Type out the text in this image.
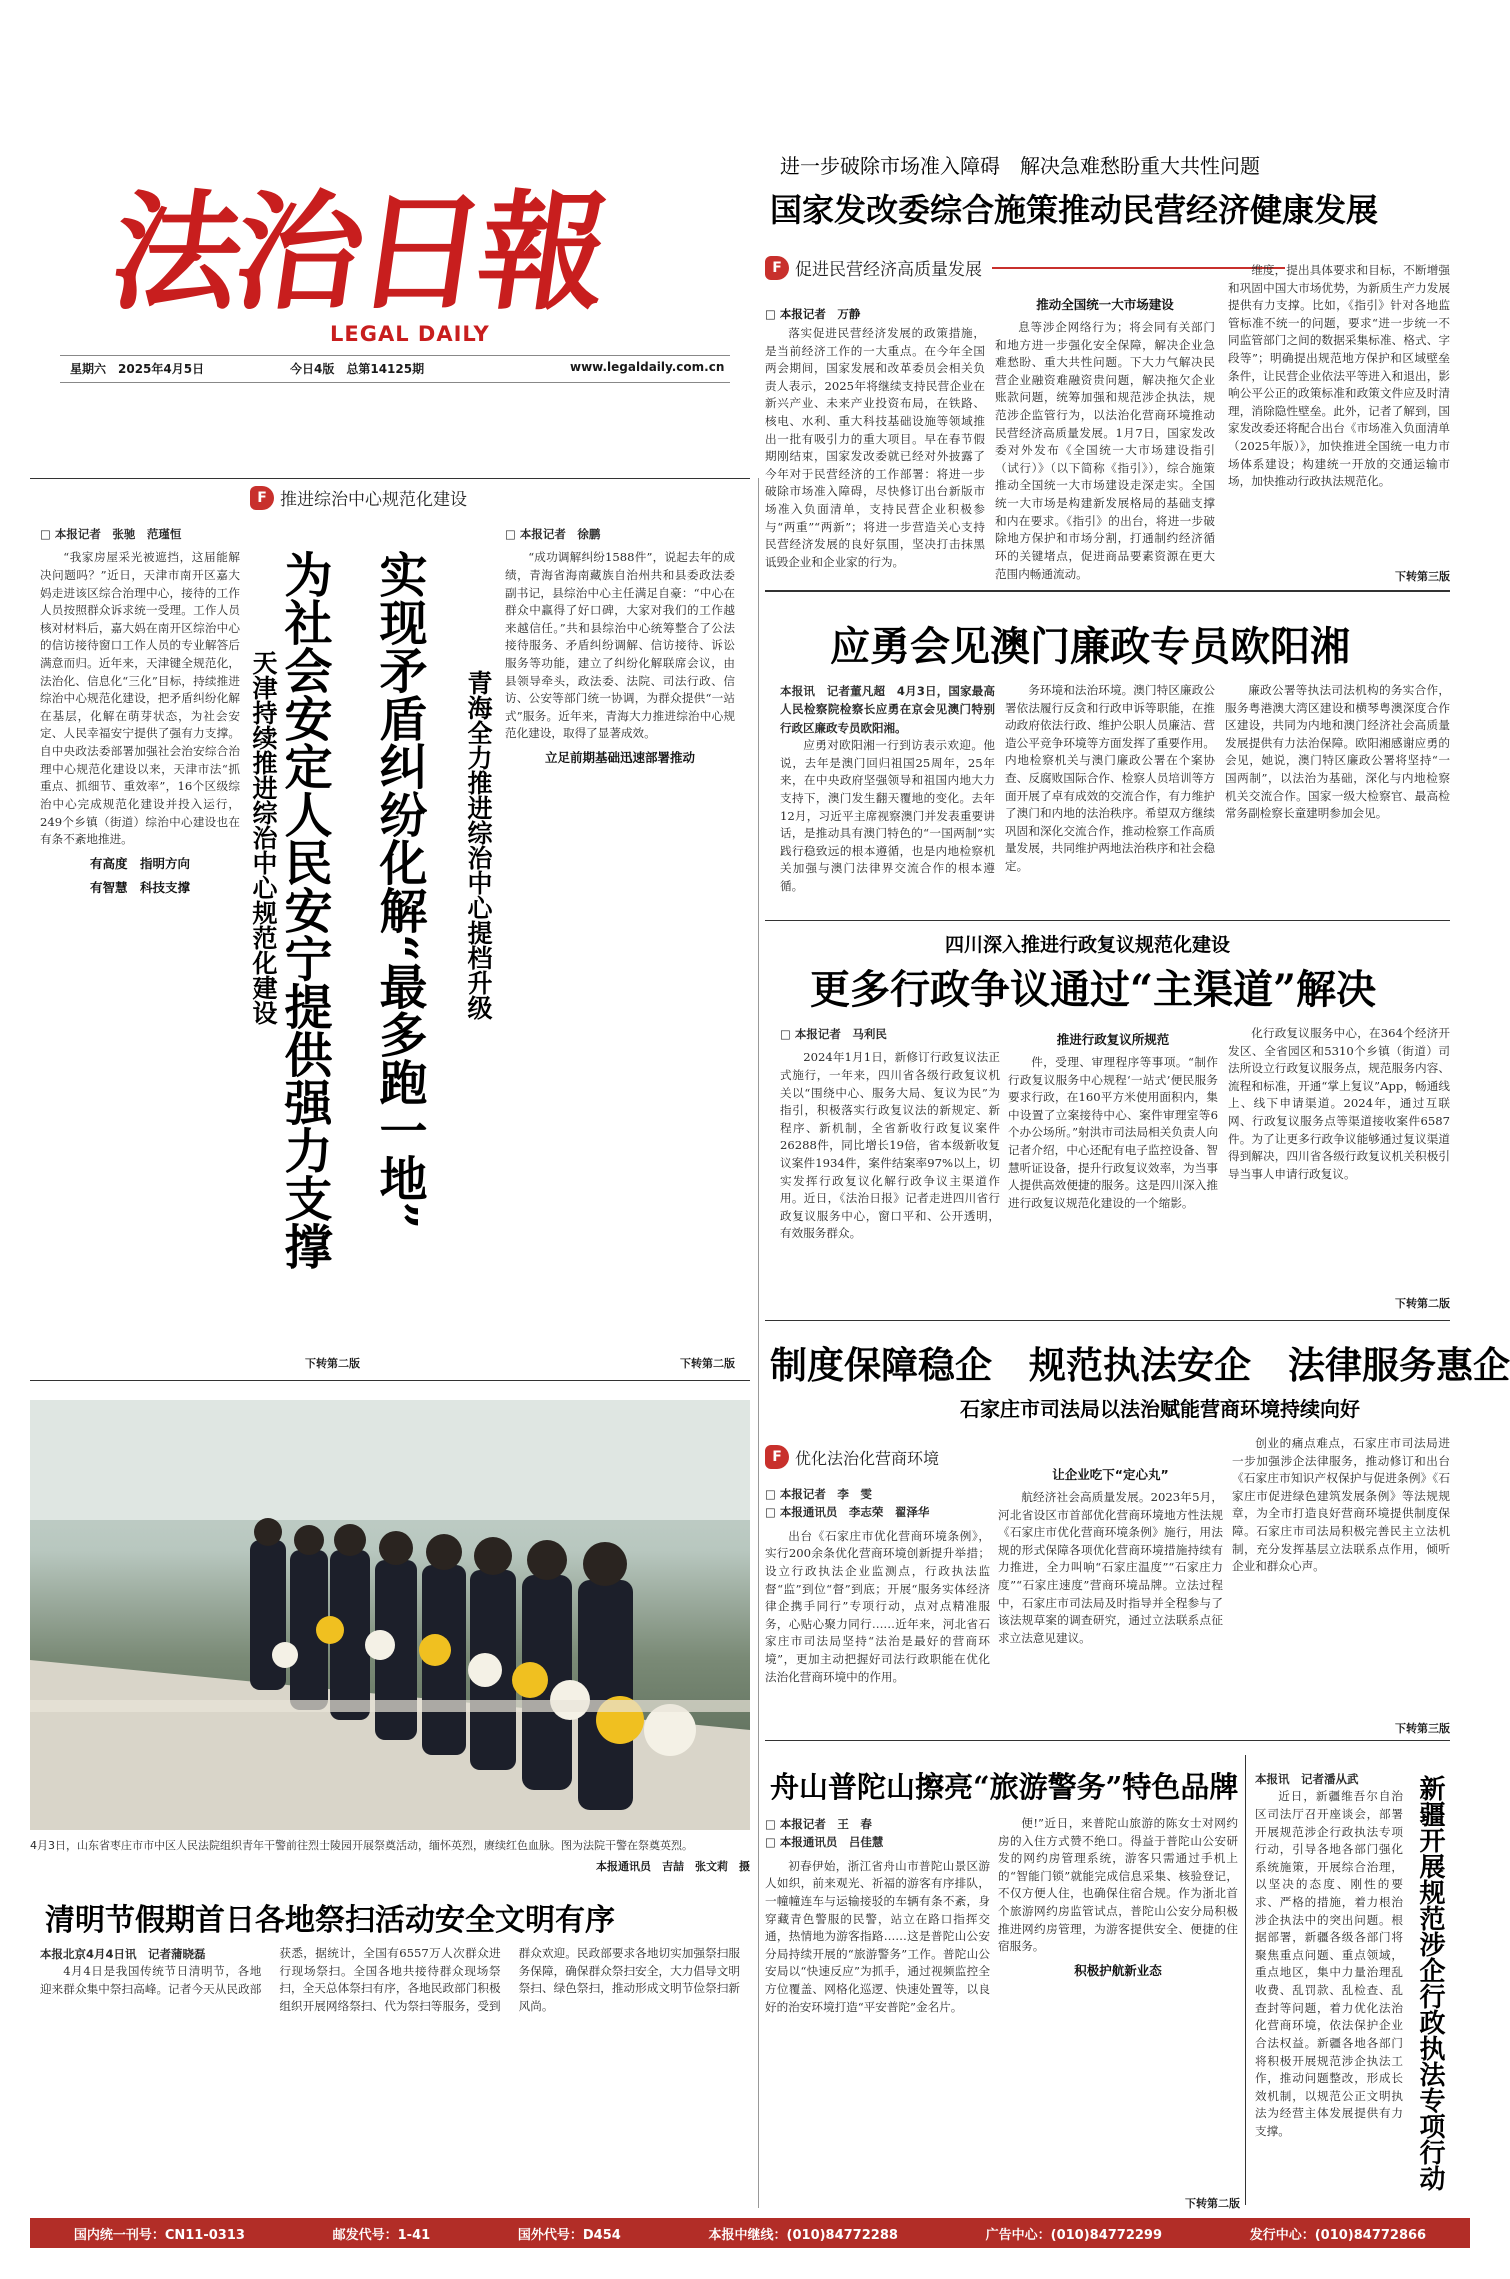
法治日報
LEGAL DAILY
星期六　2025年4月5日	今日4版　总第14125期	www.legaldaily.com.cn
进一步破除市场准入障碍　解决急难愁盼重大共性问题
国家发改委综合施策推动民营经济健康发展
F 促进民营经济高质量发展
□ 本报记者　万静

落实促进民营经济发展的政策措施，是当前经济工作的一大重点。在今年全国两会期间，国家发展和改革委员会相关负责人表示，2025年将继续支持民营企业在新兴产业、未来产业投资布局，在铁路、核电、水利、重大科技基础设施等领域推出一批有吸引力的重大项目。早在春节假期刚结束，国家发改委就已经对外披露了今年对于民营经济的工作部署：将进一步破除市场准入障碍，尽快修订出台新版市场准入负面清单，支持民营企业积极参与“两重”“两新”；将进一步营造关心支持民营经济发展的良好氛围，坚决打击抹黑诋毁企业和企业家的行为。

推动全国统一大市场建设

息等涉企网络行为；将会同有关部门和地方进一步强化安全保障，解决企业急难愁盼、重大共性问题。下大力气解决民营企业融资难融资贵问题，解决拖欠企业账款问题，统筹加强和规范涉企执法，规范涉企监管行为，以法治化营商环境推动民营经济高质量发展。1月7日，国家发改委对外发布《全国统一大市场建设指引（试行）》（以下简称《指引》），综合施策推动全国统一大市场建设走深走实。全国统一大市场是构建新发展格局的基础支撑和内在要求。《指引》的出台，将进一步破除地方保护和市场分割，打通制约经济循环的关键堵点，促进商品要素资源在更大范围内畅通流动。

维度，提出具体要求和目标，不断增强和巩固中国大市场优势，为新质生产力发展提供有力支撑。比如，《指引》针对各地监管标准不统一的问题，要求“进一步统一不同监管部门之间的数据采集标准、格式、字段等”；明确提出规范地方保护和区域壁垒条件，让民营企业依法平等进入和退出，影响公平公正的政策标准和政策文件应及时清理，消除隐性壁垒。此外，记者了解到，国家发改委还将配合出台《市场准入负面清单（2025年版）》，加快推进全国统一电力市场体系建设；构建统一开放的交通运输市场，加快推动行政执法规范化。

下转第三版
应勇会见澳门廉政专员欧阳湘

本报讯　记者董凡超　4月3日，国家最高人民检察院检察长应勇在京会见澳门特别行政区廉政专员欧阳湘。

应勇对欧阳湘一行到访表示欢迎。他说，去年是澳门回归祖国25周年，25年来，在中央政府坚强领导和祖国内地大力支持下，澳门发生翻天覆地的变化。去年12月，习近平主席视察澳门并发表重要讲话，是推动具有澳门特色的“一国两制”实践行稳致远的根本遵循，也是内地检察机关加强与澳门法律界交流合作的根本遵循。

务环境和法治环境。澳门特区廉政公署依法履行反贪和行政申诉等职能，在推动政府依法行政、维护公职人员廉洁、营造公平竞争环境等方面发挥了重要作用。内地检察机关与澳门廉政公署在个案协查、反腐败国际合作、检察人员培训等方面开展了卓有成效的交流合作，有力维护了澳门和内地的法治秩序。希望双方继续巩固和深化交流合作，推动检察工作高质量发展，共同维护两地法治秩序和社会稳定。

廉政公署等执法司法机构的务实合作，服务粤港澳大湾区建设和横琴粤澳深度合作区建设，共同为内地和澳门经济社会高质量发展提供有力法治保障。欧阳湘感谢应勇的会见，她说，澳门特区廉政公署将坚持“一国两制”，以法治为基础，深化与内地检察机关交流合作。国家一级大检察官、最高检常务副检察长童建明参加会见。

四川深入推进行政复议规范化建设
更多行政争议通过“主渠道”解决
□ 本报记者　马利民

2024年1月1日，新修订行政复议法正式施行，一年来，四川省各级行政复议机关以“围绕中心、服务大局、复议为民”为指引，积极落实行政复议法的新规定、新程序、新机制，全省新收行政复议案件26288件，同比增长19倍，省本级新收复议案件1934件，案件结案率97%以上，切实发挥行政复议化解行政争议主渠道作用。近日，《法治日报》记者走进四川省行政复议服务中心，窗口平和、公开透明，有效服务群众。

推进行政复议所规范

件，受理、审理程序等事项。“制作行政复议服务中心规程‘一站式’便民服务要求行政，在160平方米使用面积内，集中设置了立案接待中心、案件审理室等6个办公场所。”射洪市司法局相关负责人向记者介绍，中心还配有电子监控设备、智慧听证设备，提升行政复议效率，为当事人提供高效便捷的服务。这是四川深入推进行政复议规范化建设的一个缩影。

化行政复议服务中心，在364个经济开发区、全省园区和5310个乡镇（街道）司法所设立行政复议服务点，规范服务内容、流程和标准，开通“掌上复议”App，畅通线上、线下申请渠道。2024年，通过互联网、行政复议服务点等渠道接收案件6587件。为了让更多行政争议能够通过复议渠道得到解决，四川省各级行政复议机关积极引导当事人申请行政复议。

下转第二版
制度保障稳企　规范执法安企　法律服务惠企
石家庄市司法局以法治赋能营商环境持续向好
F 优化法治化营商环境
□ 本报记者　李　雯
□ 本报通讯员　李志荣　翟泽华

出台《石家庄市优化营商环境条例》，实行200余条优化营商环境创新提升举措；设立行政执法企业监测点，行政执法监督“监”到位“督”到底；开展“服务实体经济　律企携手同行”专项行动，点对点精准服务，心贴心聚力同行……近年来，河北省石家庄市司法局坚持“法治是最好的营商环境”，更加主动把握好司法行政职能在优化法治化营商环境中的作用。

让企业吃下“定心丸”

航经济社会高质量发展。2023年5月，河北省设区市首部优化营商环境地方性法规《石家庄市优化营商环境条例》施行，用法规的形式保障各项优化营商环境措施持续有力推进，全力叫响“石家庄温度”“石家庄力度”“石家庄速度”营商环境品牌。立法过程中，石家庄市司法局及时指导并全程参与了该法规草案的调查研究，通过立法联系点征求立法意见建议。

创业的痛点难点，石家庄市司法局进一步加强涉企法律服务，推动修订和出台《石家庄市知识产权保护与促进条例》《石家庄市促进绿色建筑发展条例》等法规规章，为全市打造良好营商环境提供制度保障。石家庄市司法局积极完善民主立法机制，充分发挥基层立法联系点作用，倾听企业和群众心声。

下转第三版
舟山普陀山擦亮“旅游警务”特色品牌
□ 本报记者　王　春
□ 本报通讯员　吕佳慧

初春伊始，浙江省舟山市普陀山景区游人如织，前来观光、祈福的游客有序排队，一幢幢连车与运输接驳的车辆有条不紊，身穿藏青色警服的民警，站立在路口指挥交通，热情地为游客指路……这是普陀山公安分局持续开展的“旅游警务”工作。普陀山公安局以“快速反应”为抓手，通过视频监控全方位覆盖、网格化巡逻、快速处置等，以良好的治安环境打造“平安普陀”金名片。

便!”近日，来普陀山旅游的陈女士对网约房的入住方式赞不绝口。得益于普陀山公安研发的网约房管理系统，游客只需通过手机上的“智能门锁”就能完成信息采集、核验登记，不仅方便人住，也确保住宿合规。作为浙北首个旅游网约房监管试点，普陀山公安分局积极推进网约房管理，为游客提供安全、便捷的住宿服务。

积极护航新业态
下转第二版
新疆开展规范涉企行政执法专项行动

本报讯　记者潘从武

近日，新疆维吾尔自治区司法厅召开座谈会，部署开展规范涉企行政执法专项行动，引导各地各部门强化系统施策，开展综合治理，以坚决的态度、刚性的要求、严格的措施，着力根治涉企执法中的突出问题。根据部署，新疆各级各部门将聚焦重点问题、重点领域，重点地区，集中力量治理乱收费、乱罚款、乱检查、乱查封等问题，着力优化法治化营商环境，依法保护企业合法权益。新疆各地各部门将积极开展规范涉企执法工作，推动问题整改，形成长效机制，以规范公正文明执法为经营主体发展提供有力支撑。

F 推进综治中心规范化建设
□ 本报记者　张驰　范瑾恒

“我家房屋采光被遮挡，这届能解决问题吗？”近日，天津市南开区嘉大妈走进该区综合治理中心，接待的工作人员按照群众诉求统一受理。工作人员核对材料后，嘉大妈在南开区综治中心的信访接待窗口工作人员的专业解答后满意而归。近年来，天津键全规范化，法治化、信息化“三化”目标，持续推进综治中心规范化建设，把矛盾纠纷化解在基层，化解在萌芽状态，为社会安定、人民幸福安宁提供了强有力支撑。自中央政法委部署加强社会治安综合治理中心规范化建设以来，天津市法“抓重点、抓细节、重效率”，16个区级综治中心完成规范化建设并投入运行，249个乡镇（街道）综治中心建设也在有条不紊地推进。

有高度　指明方向
有智慧　科技支撑
下转第二版
为社会安定人民安宁提供强力支撑
天津持续推进综治中心规范化建设 实现矛盾纠纷化解“最多跑一地” 青海全力推进综治中心提档升级
□ 本报记者　徐鹏

“成功调解纠纷1588件”，说起去年的成绩，青海省海南藏族自治州共和县委政法委副书记，县综治中心主任满足自豪：“中心在群众中赢得了好口碑，大家对我们的工作越来越信任。”共和县综治中心统筹整合了公法接待服务、矛盾纠纷调解、信访接待、诉讼服务等功能，建立了纠纷化解联席会议，由县领导牵头，政法委、法院、司法行政、信访、公安等部门统一协调，为群众提供“一站式”服务。近年来，青海大力推进综治中心规范化建设，取得了显著成效。

立足前期基础迅速部署推动
下转第二版
4月3日，山东省枣庄市市中区人民法院组织青年干警前往烈士陵园开展祭奠活动，缅怀英烈，赓续红色血脉。图为法院干警在祭奠英烈。
本报通讯员　吉喆　张文莉　摄
清明节假期首日各地祭扫活动安全文明有序

本报北京4月4日讯　记者蒲晓磊

4月4日是我国传统节日清明节，各地迎来群众集中祭扫高峰。记者今天从民政部获悉，据统计，全国有6557万人次群众进行现场祭扫。全国各地共接待群众现场祭扫，全天总体祭扫有序，各地民政部门积极组织开展网络祭扫、代为祭扫等服务，受到群众欢迎。民政部要求各地切实加强祭扫服务保障，确保群众祭扫安全，大力倡导文明祭扫、绿色祭扫，推动形成文明节俭祭扫新风尚。

国内统一刊号：CN11-0313	邮发代号：1-41	国外代号：D454	本报中继线：(010)84772288	广告中心：(010)84772299	发行中心：(010)84772866
